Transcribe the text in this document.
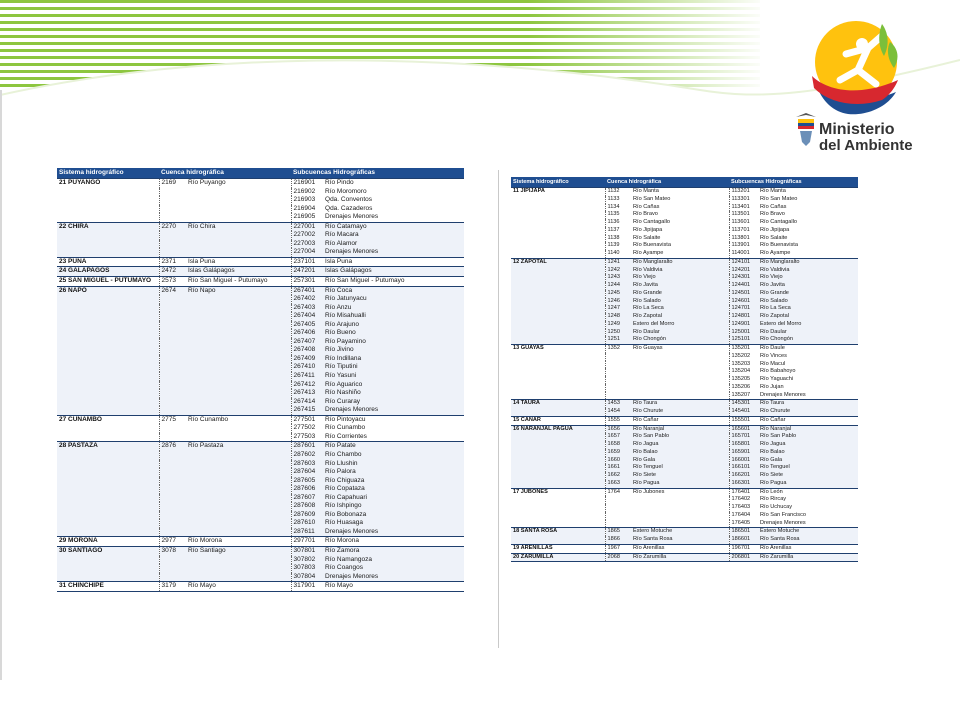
Ministerio
del Ambiente
Sistema hidrográfico	Cuenca hidrográfica		Subcuencas Hidrográficas	
21 PUYANGO	2169	Río Puyango	216901	Río Pindo
			216902	Río Moromoro
			216903	Qda. Conventos
			216904	Qda. Cazaderos
			216905	Drenajes Menores
22 CHIRA	2270	Río Chira	227001	Río Catamayo
			227002	Río Macara
			227003	Río Alamor
			227004	Drenajes Menores
23 PUNA	2371	Isla Puna	237101	Isla Puna
24 GALAPAGOS	2472	Islas Galápagos	247201	Islas Galápagos
25 SAN MIGUEL - PUTUMAYO	2573	Río San Miguel - Putumayo	257301	Río San Miguel - Putumayo
26 NAPO	2674	Río Napo	267401	Río Coca
			267402	Río Jatunyacu
			267403	Río Anzu
			267404	Río Misahualli
			267405	Río Arajuno
			267406	Río Bueno
			267407	Río Payamino
			267408	Río Jivino
			267409	Río Indillana
			267410	Río Tiputini
			267411	Río Yasuni
			267412	Río Aguarico
			267413	Río Nashiño
			267414	Río Curaray
			267415	Drenajes Menores
27 CUNAMBO	2775	Río Cunambo	277501	Río Pintoyacu
			277502	Río Cunambo
			277503	Río Corrientes
28 PASTAZA	2876	Río Pastaza	287601	Río Patate
			287602	Río Chambo
			287603	Río Llushin
			287604	Río Palora
			287605	Río Chiguaza
			287606	Río Copataza
			287607	Río Capahuari
			287608	Río Ishpingo
			287609	Río Bobonaza
			287610	Río Huasaga
			287611	Drenajes Menores
29 MORONA	2977	Río Morona	297701	Río Morona
30 SANTIAGO	3078	Río Santiago	307801	Río Zamora
			307802	Río Namangoza
			307803	Río Coangos
			307804	Drenajes Menores
31 CHINCHIPE	3179	Río Mayo	317901	Río Mayo
Sistema hidrográfico	Cuenca hidrográfica		Subcuencas Hidrográficas	
11 JIPIJAPA	1132	Río Manta	113201	Río Manta
	1133	Río San Mateo	113301	Río San Mateo
	1134	Río Cañas	113401	Río Cañas
	1135	Río Bravo	113501	Río Bravo
	1136	Río Cantagallo	113601	Río Cantagallo
	1137	Río Jipijapa	113701	Río Jipijapa
	1138	Río Salaite	113801	Río Salaite
	1139	Río Buenavista	113901	Río Buenavista
	1140	Río Ayampe	114001	Río Ayampe
12 ZAPOTAL	1241	Río Manglaralto	124101	Río Manglaralto
	1242	Río Valdivia	124201	Río Valdivia
	1243	Río Viejo	124301	Río Viejo
	1244	Río Javita	124401	Río Javita
	1245	Río Grande	124501	Río Grande
	1246	Río Salado	124601	Río Salado
	1247	Río La Seca	124701	Río La Seca
	1248	Río Zapotal	124801	Río Zapotal
	1249	Estero del Morro	124901	Estero del Morro
	1250	Río Daular	125001	Río Daular
	1251	Río Chongón	125101	Río Chongón
13 GUAYAS	1352	Río Guayas	135201	Río Daule
			135202	Río Vinces
			135203	Río Macul
			135204	Río Babahoyo
			135205	Río Yaguachi
			135206	Río Jujan
			135207	Drenajes Menores
14 TAURA	1453	Río Taura	145301	Río Taura
	1454	Río Churute	145401	Río Churute
15 CAÑAR	1555	Río Cañar	155501	Río Cañar
16 NARANJAL PAGUA	1656	Río Naranjal	165601	Río Naranjal
	1657	Río San Pablo	165701	Río San Pablo
	1658	Río Jagua	165801	Río Jagua
	1659	Río Balao	165901	Río Balao
	1660	Río Gala	166001	Río Gala
	1661	Río Tenguel	166101	Río Tenguel
	1662	Río Siete	166201	Río Siete
	1663	Río Pagua	166301	Río Pagua
17 JUBONES	1764	Río Jubones	176401	Río León
			176402	Río Rircay
			176403	Río Uchucay
			176404	Río San Francisco
			176405	Drenajes Menores
18 SANTA ROSA	1865	Estero Motuche	186501	Estero Motuche
	1866	Río Santa Rosa	186601	Río Santa Rosa
19 ARENILLAS	1967	Río Arenillas	196701	Río Arenillas
20 ZARUMILLA	2068	Río Zarumilla	206801	Río Zarumilla
